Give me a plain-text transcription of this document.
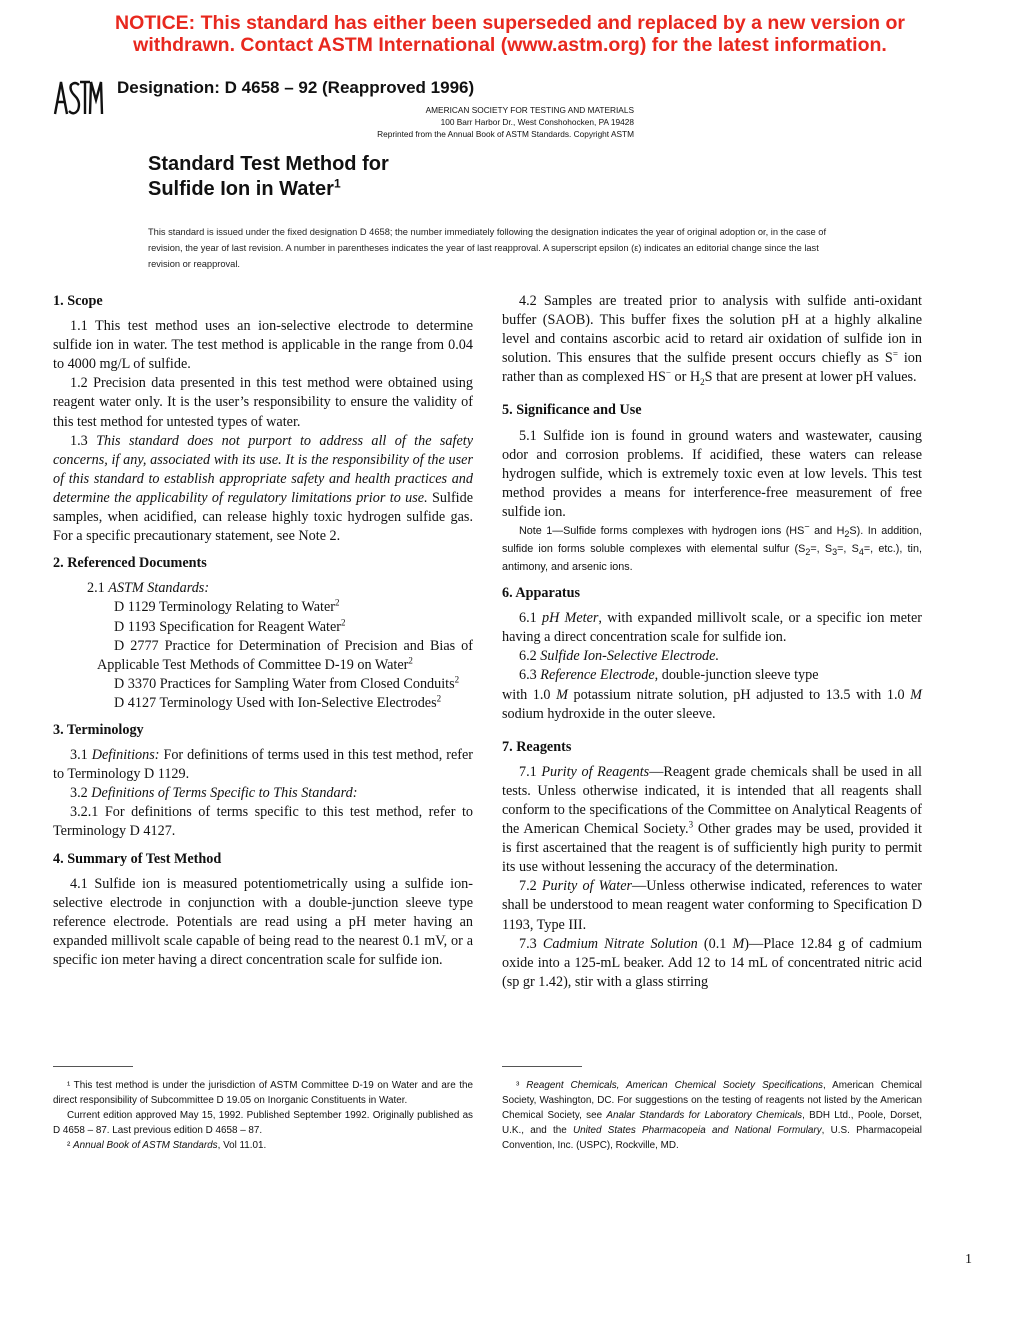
NOTICE: This standard has either been superseded and replaced by a new version or
withdrawn. Contact ASTM International (www.astm.org) for the latest information.
Designation: D 4658 – 92 (Reapproved 1996)
AMERICAN SOCIETY FOR TESTING AND MATERIALS
100 Barr Harbor Dr., West Conshohocken, PA 19428
Reprinted from the Annual Book of ASTM Standards. Copyright ASTM
Standard Test Method for
Sulfide Ion in Water$^1$
This standard is issued under the fixed designation D 4658; the number immediately following the designation indicates the year of original adoption or, in the case of revision, the year of last revision. A number in parentheses indicates the year of last reapproval. A superscript epsilon (ε) indicates an editorial change since the last revision or reapproval.
1. Scope

1.1 This test method uses an ion-selective electrode to determine sulfide ion in water. The test method is applicable in the range from 0.04 to 4000 mg/L of sulfide.

1.2 Precision data presented in this test method were obtained using reagent water only. It is the user’s responsibility to ensure the validity of this test method for untested types of water.

1.3 This standard does not purport to address all of the safety concerns, if any, associated with its use. It is the responsibility of the user of this standard to establish appropriate safety and health practices and determine the applicability of regulatory limitations prior to use. Sulfide samples, when acidified, can release highly toxic hydrogen sulfide gas. For a specific precautionary statement, see Note 2.

2. Referenced Documents

2.1 ASTM Standards:

D 1129 Terminology Relating to Water$^2$

D 1193 Specification for Reagent Water$^2$

D 2777 Practice for Determination of Precision and Bias of Applicable Test Methods of Committee D-19 on Water$^2$

D 3370 Practices for Sampling Water from Closed Conduits$^2$

D 4127 Terminology Used with Ion-Selective Electrodes$^2$

3. Terminology

3.1 Definitions: For definitions of terms used in this test method, refer to Terminology D 1129.

3.2 Definitions of Terms Specific to This Standard:

3.2.1 For definitions of terms specific to this test method, refer to Terminology D 4127.

4. Summary of Test Method

4.1 Sulfide ion is measured potentiometrically using a sulfide ion-selective electrode in conjunction with a double-junction sleeve type reference electrode. Potentials are read using a pH meter having an expanded millivolt scale capable of being read to the nearest 0.1 mV, or a specific ion meter having a direct concentration scale for sulfide ion.

4.2 Samples are treated prior to analysis with sulfide anti-oxidant buffer (SAOB). This buffer fixes the solution pH at a highly alkaline level and contains ascorbic acid to retard air oxidation of sulfide ion in solution. This ensures that the sulfide present occurs chiefly as S= ion rather than as complexed HS− or $H_2S$ that are present at lower pH values.

5. Significance and Use

5.1 Sulfide ion is found in ground waters and wastewater, causing odor and corrosion problems. If acidified, these waters can release hydrogen sulfide, which is extremely toxic even at low levels. This test method provides a means for interference-free measurement of free sulfide ion.

Note 1—Sulfide forms complexes with hydrogen ions (HS− and $H_2S$). In addition, sulfide ion forms soluble complexes with elemental sulfur ($S_2=$, $S_3=$, $S_4=$, etc.), tin, antimony, and arsenic ions.

6. Apparatus

6.1 pH Meter, with expanded millivolt scale, or a specific ion meter having a direct concentration scale for sulfide ion.

6.2 Sulfide Ion-Selective Electrode.

6.3 Reference Electrode, double-junction sleeve type

with 1.0 M potassium nitrate solution, pH adjusted to 13.5 with 1.0 M sodium hydroxide in the outer sleeve.

7. Reagents

7.1 Purity of Reagents—Reagent grade chemicals shall be used in all tests. Unless otherwise indicated, it is intended that all reagents shall conform to the specifications of the Committee on Analytical Reagents of the American Chemical Society.$^3$ Other grades may be used, provided it is first ascertained that the reagent is of sufficiently high purity to permit its use without lessening the accuracy of the determination.

7.2 Purity of Water—Unless otherwise indicated, references to water shall be understood to mean reagent water conforming to Specification D 1193, Type III.

7.3 Cadmium Nitrate Solution (0.1 M)—Place 12.84 g of cadmium oxide into a 125-mL beaker. Add 12 to 14 mL of concentrated nitric acid (sp gr 1.42), stir with a glass stirring

¹ This test method is under the jurisdiction of ASTM Committee D-19 on Water and are the direct responsibility of Subcommittee D 19.05 on Inorganic Constituents in Water.

Current edition approved May 15, 1992. Published September 1992. Originally published as D 4658 – 87. Last previous edition D 4658 – 87.

² Annual Book of ASTM Standards, Vol 11.01.

³ Reagent Chemicals, American Chemical Society Specifications, American Chemical Society, Washington, DC. For suggestions on the testing of reagents not listed by the American Chemical Society, see Analar Standards for Laboratory Chemicals, BDH Ltd., Poole, Dorset, U.K., and the United States Pharmacopeia and National Formulary, U.S. Pharmacopeial Convention, Inc. (USPC), Rockville, MD.

1
